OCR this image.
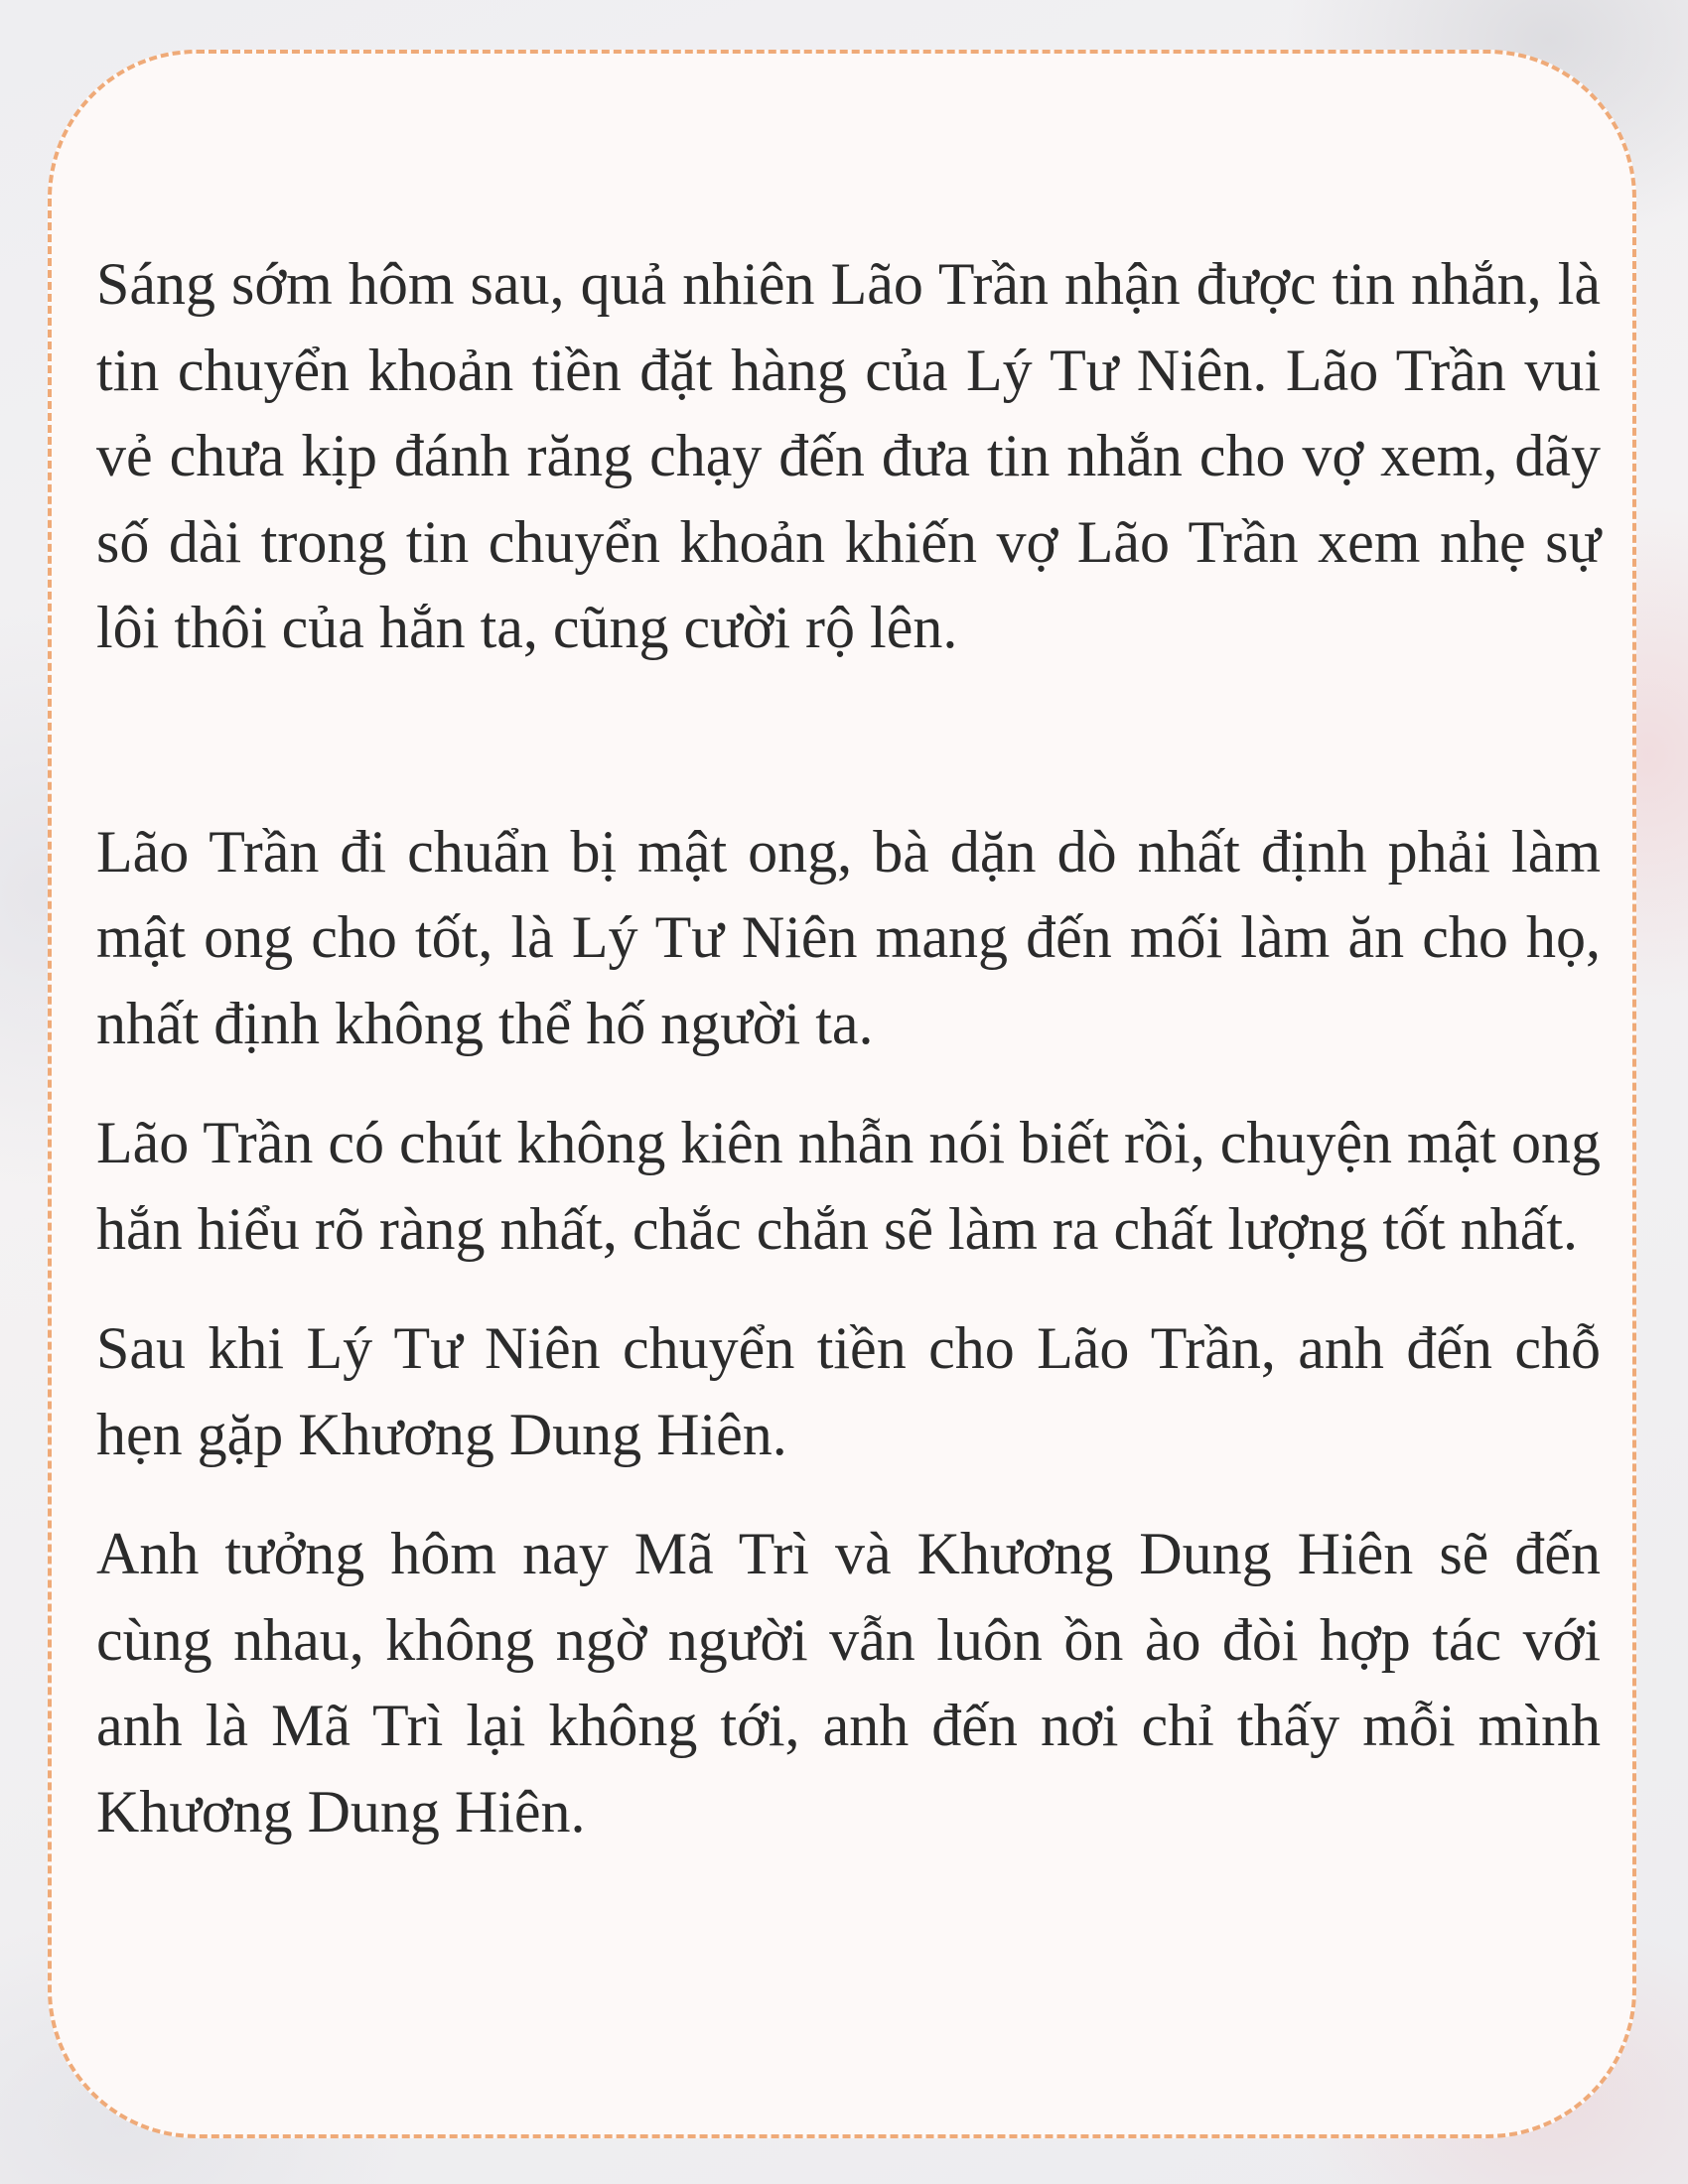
Sáng sớm hôm sau, quả nhiên Lão Trần nhận được tin nhắn, là tin chuyển khoản tiền đặt hàng của Lý Tư Niên. Lão Trần vui vẻ chưa kịp đánh răng chạy đến đưa tin nhắn cho vợ xem, dãy số dài trong tin chuyển khoản khiến vợ Lão Trần xem nhẹ sự lôi thôi của hắn ta, cũng cười rộ lên.

Lão Trần đi chuẩn bị mật ong, bà dặn dò nhất định phải làm mật ong cho tốt, là Lý Tư Niên mang đến mối làm ăn cho họ, nhất định không thể hố người ta.

Lão Trần có chút không kiên nhẫn nói biết rồi, chuyện mật ong hắn hiểu rõ ràng nhất, chắc chắn sẽ làm ra chất lượng tốt nhất.

Sau khi Lý Tư Niên chuyển tiền cho Lão Trần, anh đến chỗ hẹn gặp Khương Dung Hiên.

Anh tưởng hôm nay Mã Trì và Khương Dung Hiên sẽ đến cùng nhau, không ngờ người vẫn luôn ồn ào đòi hợp tác với anh là Mã Trì lại không tới, anh đến nơi chỉ thấy mỗi mình Khương Dung Hiên.
